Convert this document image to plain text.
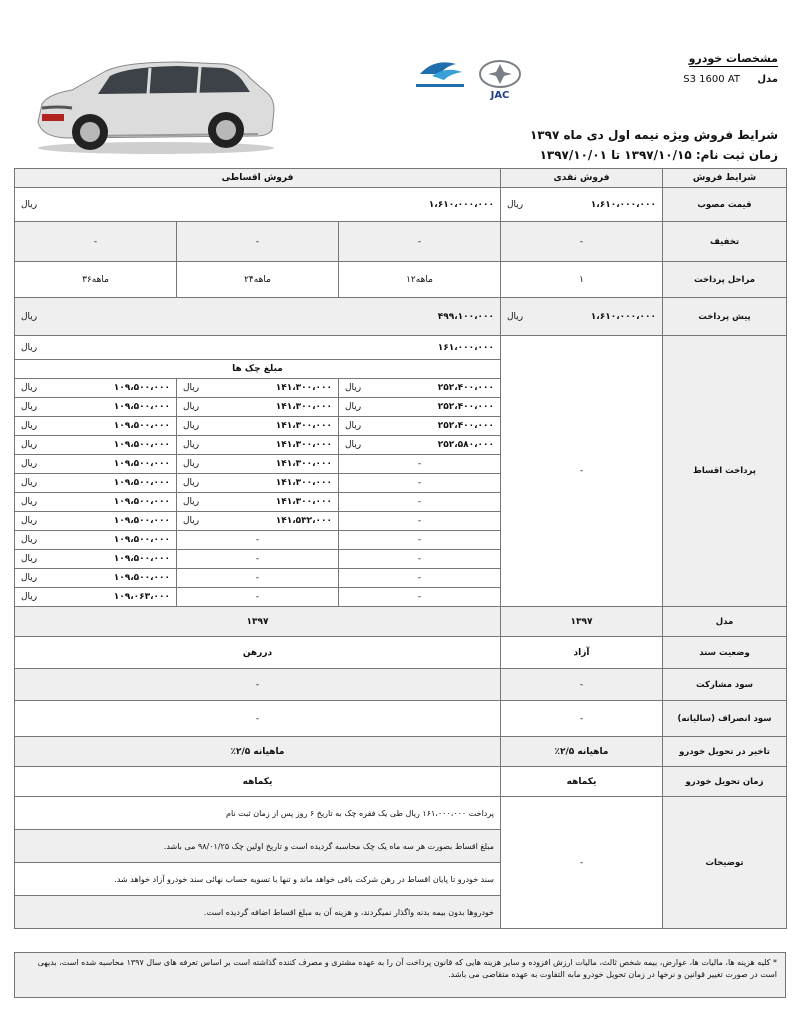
JAC
مشخصات خودرو
مدل
S3 1600 AT
شرایط فروش ویژه نیمه اول دی ماه ۱۳۹۷
زمان ثبت نام: ۱۳۹۷/۱۰/۱۵ تا ۱۳۹۷/۱۰/۰۱
فروش اقساطی			فروش نقدی	شرایط فروش

ریال ۱،۶۱۰،۰۰۰،۰۰۰			ریال ۱،۶۱۰،۰۰۰،۰۰۰	قیمت مصوب
-	-	-	-	تخفیف
۳۶ماهه	۲۴ماهه	۱۲ماهه	۱	مراحل پرداخت

ریال ۴۹۹،۱۰۰،۰۰۰			ریال ۱،۶۱۰،۰۰۰،۰۰۰	پیش پرداخت

ریال ۱۶۱،۰۰۰،۰۰۰			-	پرداخت اقساط
مبلغ چک ها				

ریال ۱۰۹،۵۰۰،۰۰۰	ریال ۱۴۱،۳۰۰،۰۰۰	ریال ۲۵۲،۴۰۰،۰۰۰		

ریال ۱۰۹،۵۰۰،۰۰۰	ریال ۱۴۱،۳۰۰،۰۰۰	ریال ۲۵۲،۴۰۰،۰۰۰		

ریال ۱۰۹،۵۰۰،۰۰۰	ریال ۱۴۱،۳۰۰،۰۰۰	ریال ۲۵۲،۴۰۰،۰۰۰		

ریال ۱۰۹،۵۰۰،۰۰۰	ریال ۱۴۱،۳۰۰،۰۰۰	ریال ۲۵۲،۵۸۰،۰۰۰		

ریال ۱۰۹،۵۰۰،۰۰۰	ریال ۱۴۱،۳۰۰،۰۰۰	-		

ریال ۱۰۹،۵۰۰،۰۰۰	ریال ۱۴۱،۳۰۰،۰۰۰	-		

ریال ۱۰۹،۵۰۰،۰۰۰	ریال ۱۴۱،۳۰۰،۰۰۰	-		

ریال ۱۰۹،۵۰۰،۰۰۰	ریال ۱۴۱،۵۳۲،۰۰۰	-		

ریال ۱۰۹،۵۰۰،۰۰۰	-	-		

ریال ۱۰۹،۵۰۰،۰۰۰	-	-		

ریال ۱۰۹،۵۰۰،۰۰۰	-	-		

ریال ۱۰۹،۰۶۳،۰۰۰	-	-		
۱۳۹۷			۱۳۹۷	مدل
دررهن			آزاد	وضعیت سند
-			-	سود مشارکت
-			-	سود انصراف (سالیانه)
٪۲/۵ ماهیانه			٪۲/۵ ماهیانه	تاخیر در تحویل خودرو
یکماهه			یکماهه	زمان تحویل خودرو
پرداخت ۱۶۱،۰۰۰،۰۰۰ ریال طی یک فقره چک به تاریخ ۶ روز پس از زمان ثبت نام			-	توضیحات
مبلغ اقساط بصورت هر سه ماه یک چک محاسبه گردیده است و تاریخ اولین چک ۹۸/۰۱/۲۵ می باشد.				
سند خودرو تا پایان اقساط در رهن شرکت باقی خواهد ماند و تنها با تسویه حساب نهائی سند خودرو آزاد خواهد شد.				
خودروها بدون بیمه بدنه واگذار نمیگردند، و هزینه آن به مبلغ اقساط اضافه گردیده است.				
* کلیه هزینه ها، مالیات ها، عوارض، بیمه شخص ثالث، مالیات ارزش افزوده و سایر هزینه هایی که قانون پرداخت آن را به عهده مشتری و مصرف کننده گذاشته است بر اساس تعرفه های سال ۱۳۹۷ محاسبه شده است، بدیهی است در صورت تغییر قوانین و نرخها در زمان تحویل خودرو مابه التفاوت به عهده متقاضی می باشد.
